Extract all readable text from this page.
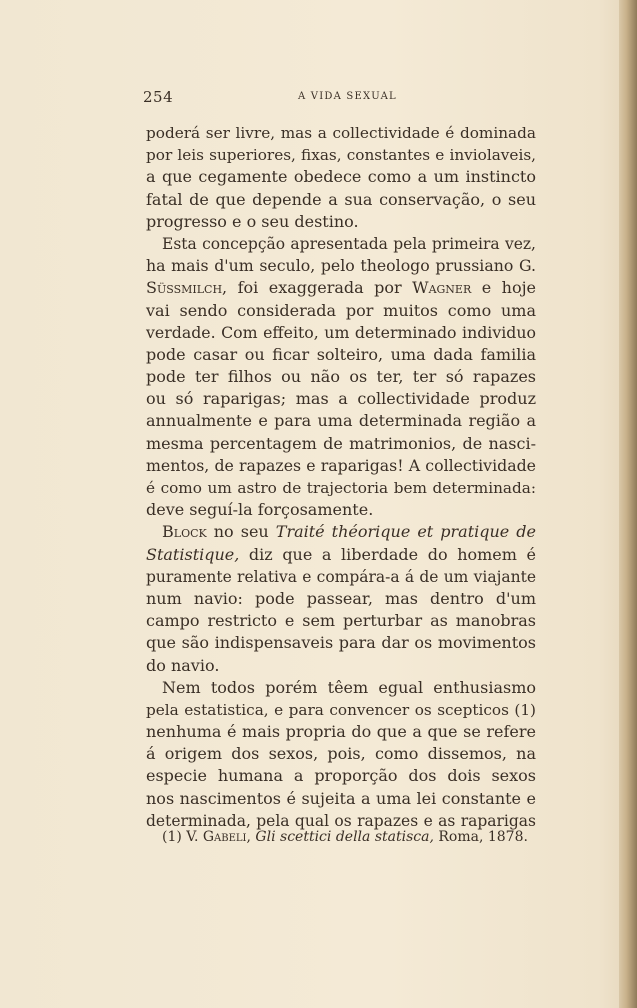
254	A VIDA SEXUAL
poderá ser livre, mas a collectividade é dominada
por leis superiores, fixas, constantes e inviolaveis,
a que cegamente obedece como a um instincto
fatal de que depende a sua conservação, o seu
progresso e o seu destino.
Esta concepção apresentada pela primeira vez,
ha mais d'um seculo, pelo theologo prussiano G.
Süssmilch, foi exaggerada por Wagner e hoje
vai sendo considerada por muitos como uma
verdade. Com effeito, um determinado individuo
pode casar ou ficar solteiro, uma dada familia
pode ter filhos ou não os ter, ter só rapazes
ou só raparigas; mas a collectividade produz
annualmente e para uma determinada região a
mesma percentagem de matrimonios, de nasci-
mentos, de rapazes e raparigas! A collectividade
é como um astro de trajectoria bem determinada:
deve seguí-la forçosamente.
Block no seu Traité théorique et pratique de
Statistique, diz que a liberdade do homem é
puramente relativa e compára-a á de um viajante
num navio: pode passear, mas dentro d'um
campo restricto e sem perturbar as manobras
que são indispensaveis para dar os movimentos
do navio.
Nem todos porém têem egual enthusiasmo
pela estatistica, e para convencer os scepticos (1)
nenhuma é mais propria do que a que se refere
á origem dos sexos, pois, como dissemos, na
especie humana a proporção dos dois sexos
nos nascimentos é sujeita a uma lei constante e
determinada, pela qual os rapazes e as raparigas
(1) V. Gabeli, Gli scettici della statisca, Roma, 1878.
